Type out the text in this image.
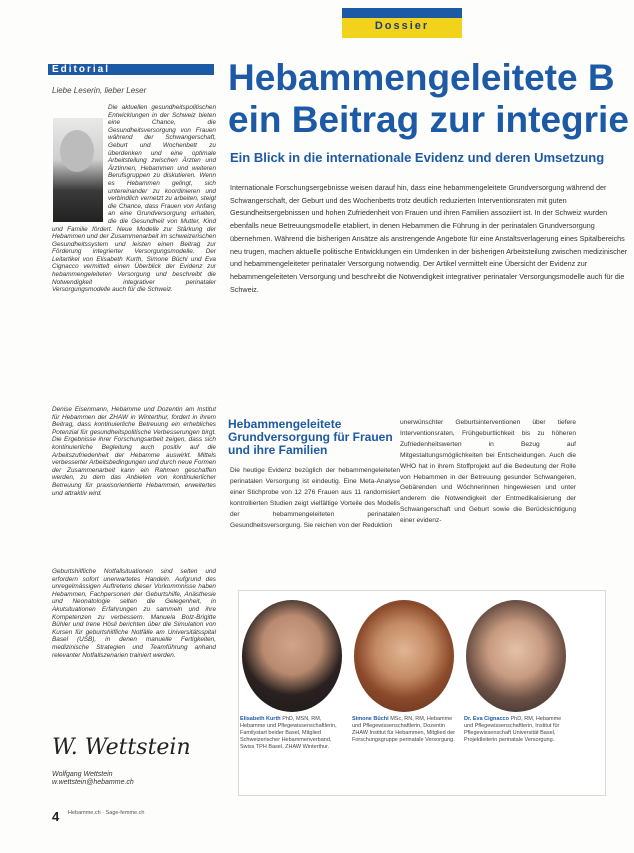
Dossier
Editorial
Liebe Leserin, lieber Leser
Die aktuellen gesundheitspolitischen Entwicklungen in der Schweiz bieten eine Chance, die Gesundheitsversorgung von Frauen während der Schwangerschaft, Geburt und Wochenbett zu überdenken und eine optimale Arbeitsteilung zwischen Ärzten und Ärztinnen, Hebammen und weiteren Berufsgruppen zu diskutieren. Wenn es Hebammen gelingt, sich untereinander zu koordinieren und verbindlich vernetzt zu arbeiten, steigt die Chance, dass Frauen von Anfang an eine Grundversorgung erhalten, die die Gesundheit von Mutter, Kind und Familie fördert. Neue Modelle zur Stärkung der Hebammen und der Zusammenarbeit im schweizerischen Gesundheitssystem und leisten einen Beitrag zur Förderung integrierter Versorgungsmodelle. Der Leitartikel von Elisabeth Kurth, Simone Büchi und Eva Cignacco vermittelt einen Überblick der Evidenz zur hebammengeleiteten Versorgung und beschreibt die Notwendigkeit integrativer perinataler Versorgungsmodelle auch für die Schweiz.
Denise Eisenmann, Hebamme und Dozentin am Institut für Hebammen der ZHAW in Winterthur, fordert in ihrem Beitrag, dass kontinuierliche Betreuung ein erhebliches Potenzial für gesundheitspolitische Verbesserungen birgt. Die Ergebnisse ihrer Forschungsarbeit zeigen, dass sich kontinuierliche Begleitung auch positiv auf die Arbeitszufriedenheit der Hebamme auswirkt. Mittels verbesserter Arbeitsbedingungen und durch neue Formen der Zusammenarbeit kann ein Rahmen geschaffen werden, zu dem das Anbieten von kontinuierlicher Betreuung für praxisorientierte Hebammen, erweitertes und attraktiv wird.
Geburtshilfliche Notfallsituationen sind selten und erfordern sofort unerwartetes Handeln. Aufgrund des unregelmässigen Auftretens dieser Vorkommnisse haben Hebammen, Fachpersonen der Geburtshilfe, Anästhesie und Neonatologie selten die Gelegenheit, in Akutsituationen Erfahrungen zu sammeln und ihre Kompetenzen zu verbessern. Manuela Bolz-Brigitte Bühler und Irene Hösli berichten über die Simulation von Kursen für geburtshilfliche Notfälle am Universitätsspital Basel (USB), in denen manuelle Fertigkeiten, medizinische Strategien und Teamführung anhand relevanter Notfallszenarien trainiert werden.
W. Wettstein
Wolfgang Wettstein
w.wettstein@hebamme.ch
4 Hebamme.ch · Sage-femme.ch
Hebammengeleitete B
ein Beitrag zur integrie
Ein Blick in die internationale Evidenz und deren Umsetzung
Internationale Forschungsergebnisse weisen darauf hin, dass eine hebammengeleitete Grundversorgung während der Schwangerschaft, der Geburt und des Wochenbetts trotz deutlich reduzierten Interventionsraten mit guten Gesundheitsergebnissen und hohen Zufriedenheit von Frauen und ihren Familien assoziiert ist. In der Schweiz wurden ebenfalls neue Betreuungsmodelle etabliert, in denen Hebammen die Führung in der perinatalen Grundversorgung übernehmen. Während die bisherigen Ansätze als anstrengende Angebote für eine Anstaltsverlagerung eines Spitalbereichs neu trugen, machen aktuelle politische Entwicklungen ein Umdenken in der bisherigen Arbeitsteilung zwischen medizinischer und hebammengeleiteter perinataler Versorgung notwendig. Der Artikel vermittelt eine Übersicht der Evidenz zur hebammengeleiteten Versorgung und beschreibt die Notwendigkeit integrativer perinataler Versorgungsmodelle auch für die Schweiz.
Hebammengeleitete Grundversorgung für Frauen und ihre Familien
Die heutige Evidenz bezüglich der hebammengeleiteten perinatalen Versorgung ist eindeutig. Eine Meta-Analyse einer Stichprobe von 12 276 Frauen aus 11 randomisiert kontrollierten Studien zeigt vielfältige Vorteile des Modells der hebammengeleiteten perinatalen Gesundheitsversorgung. Sie reichen von der Reduktion
unerwünschter Geburtsinterventionen über tiefere Interventionsraten, Frühgeburtlichkeit bis zu höheren Zufriedenheitswerten in Bezug auf Mitgestaltungsmöglichkeiten bei Entscheidungen. Auch die WHO hat in ihrem Stoffprojekt auf die Bedeutung der Rolle von Hebammen in der Betreuung gesunder Schwangeren, Gebärenden und Wöchnerinnen hingewiesen und unter anderem die Notwendigkeit der Entmedikalisierung der Schwangerschaft und Geburt sowie die Berücksichtigung einer evidenz-
Elisabeth Kurth PhD, MSN, RM, Hebamme und Pflegewissenschaftlerin, Familystart beider Basel, Mitglied Schweizerischer Hebammenverband, Swiss TPH Basel, ZHAW Winterthur.
Simone Büchi MSc, RN, RM, Hebamme und Pflegewissenschaftlerin, Dozentin ZHAW Institut für Hebammen, Mitglied der Forschungsgruppe perinatale Versorgung.
Dr. Eva Cignacco PhD, RM, Hebamme und Pflegewissenschaftlerin, Institut für Pflegewissenschaft Universität Basel, Projektleiterin perinatale Versorgung.
